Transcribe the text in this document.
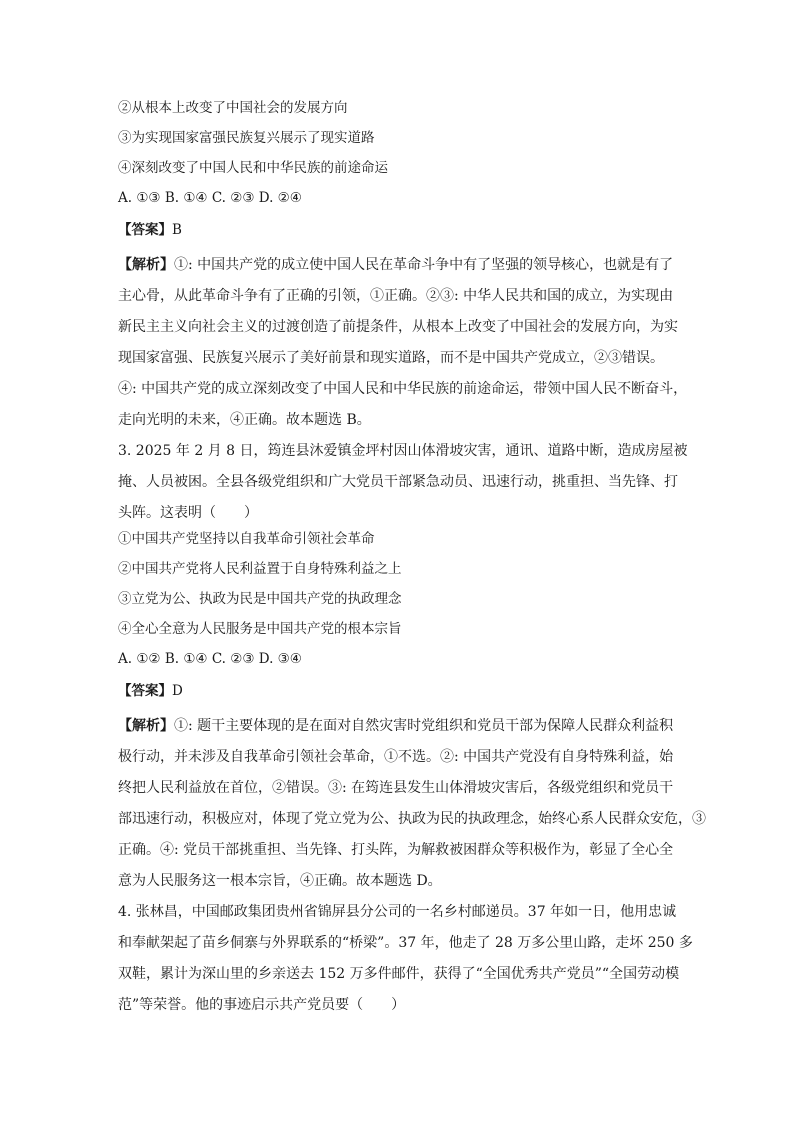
②从根本上改变了中国社会的发展方向

③为实现国家富强民族复兴展示了现实道路

④深刻改变了中国人民和中华民族的前途命运

A. ①③ B. ①④ C. ②③ D. ②④

【答案】B

【解析】①: 中国共产党的成立使中国人民在革命斗争中有了坚强的领导核心，也就是有了
主心骨，从此革命斗争有了正确的引领，①正确。②③: 中华人民共和国的成立，为实现由
新民主主义向社会主义的过渡创造了前提条件，从根本上改变了中国社会的发展方向，为实
现国家富强、民族复兴展示了美好前景和现实道路，而不是中国共产党成立，②③错误。
④: 中国共产党的成立深刻改变了中国人民和中华民族的前途命运，带领中国人民不断奋斗，
走向光明的未来，④正确。故本题选 B。

3. 2025 年 2 月 8 日，筠连县沐爱镇金坪村因山体滑坡灾害，通讯、道路中断，造成房屋被
掩、人员被困。全县各级党组织和广大党员干部紧急动员、迅速行动，挑重担、当先锋、打
头阵。这表明（　　）

①中国共产党坚持以自我革命引领社会革命

②中国共产党将人民利益置于自身特殊利益之上

③立党为公、执政为民是中国共产党的执政理念

④全心全意为人民服务是中国共产党的根本宗旨

A. ①② B. ①④ C. ②③ D. ③④

【答案】D

【解析】①: 题干主要体现的是在面对自然灾害时党组织和党员干部为保障人民群众利益积
极行动，并未涉及自我革命引领社会革命，①不选。②: 中国共产党没有自身特殊利益，始
终把人民利益放在首位，②错误。③: 在筠连县发生山体滑坡灾害后，各级党组织和党员干
部迅速行动，积极应对，体现了党立党为公、执政为民的执政理念，始终心系人民群众安危，③
正确。④: 党员干部挑重担、当先锋、打头阵，为解救被困群众等积极作为，彰显了全心全
意为人民服务这一根本宗旨，④正确。故本题选 D。

4. 张林昌，中国邮政集团贵州省锦屏县分公司的一名乡村邮递员。37 年如一日，他用忠诚
和奉献架起了苗乡侗寨与外界联系的“桥梁”。37 年，他走了 28 万多公里山路，走坏 250 多
双鞋，累计为深山里的乡亲送去 152 万多件邮件，获得了“全国优秀共产党员”“全国劳动模
范”等荣誉。他的事迹启示共产党员要（　　）
